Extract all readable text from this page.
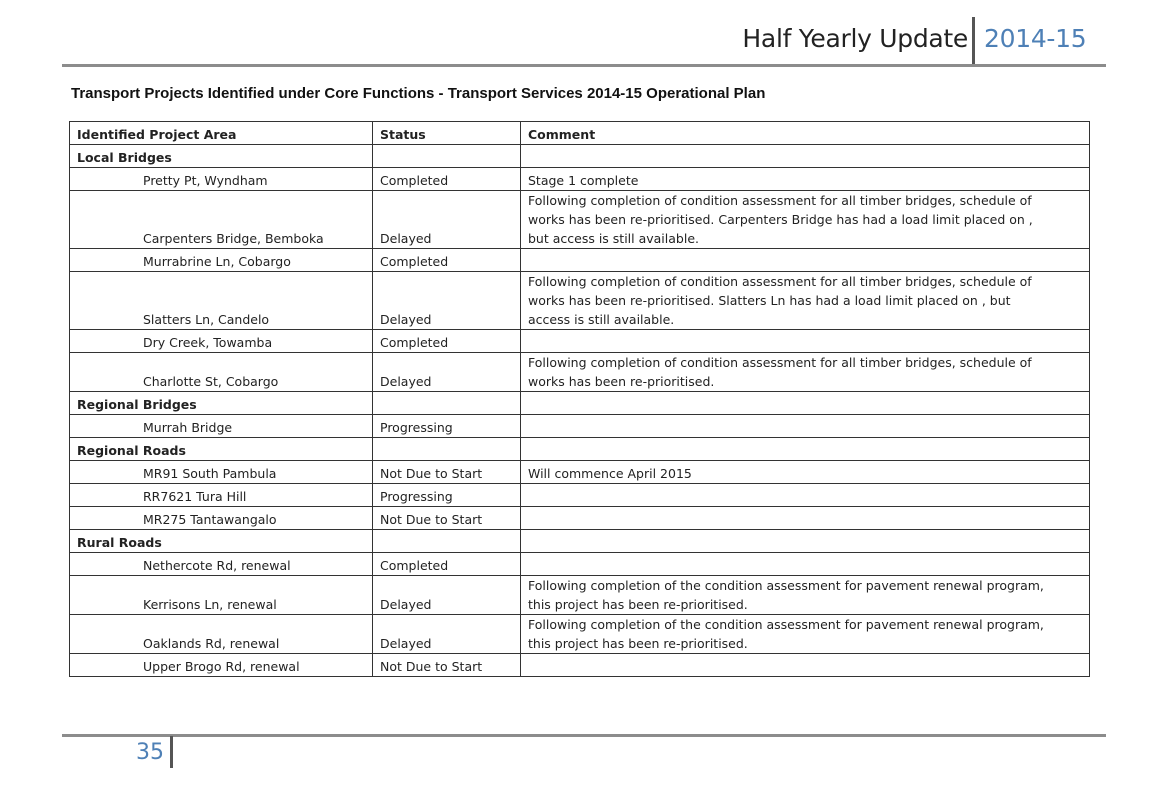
Half Yearly Update 2014-15
Transport Projects Identified under Core Functions - Transport Services 2014-15 Operational Plan
Identified Project Area	Status	Comment
Local Bridges		
Pretty Pt, Wyndham	Completed	Stage 1 complete
Carpenters Bridge, Bemboka	Delayed	Following completion of condition assessment for all timber bridges, schedule of
works has been re-prioritised. Carpenters Bridge has had a load limit placed on ,
but access is still available.

Murrabrine Ln, Cobargo	Completed	
Slatters Ln, Candelo	Delayed	Following completion of condition assessment for all timber bridges, schedule of
works has been re-prioritised. Slatters Ln has had a load limit placed on , but
access is still available.

Dry Creek, Towamba	Completed	
Charlotte St, Cobargo	Delayed	Following completion of condition assessment for all timber bridges, schedule of
works has been re-prioritised.

Regional Bridges		
Murrah Bridge	Progressing	
Regional Roads		
MR91 South Pambula	Not Due to Start	Will commence April 2015
RR7621 Tura Hill	Progressing	
MR275 Tantawangalo	Not Due to Start	
Rural Roads		
Nethercote Rd, renewal	Completed	
Kerrisons Ln, renewal	Delayed	Following completion of the condition assessment for pavement renewal program,
this project has been re-prioritised.

Oaklands Rd, renewal	Delayed	Following completion of the condition assessment for pavement renewal program,
this project has been re-prioritised.

Upper Brogo Rd, renewal	Not Due to Start	
35
